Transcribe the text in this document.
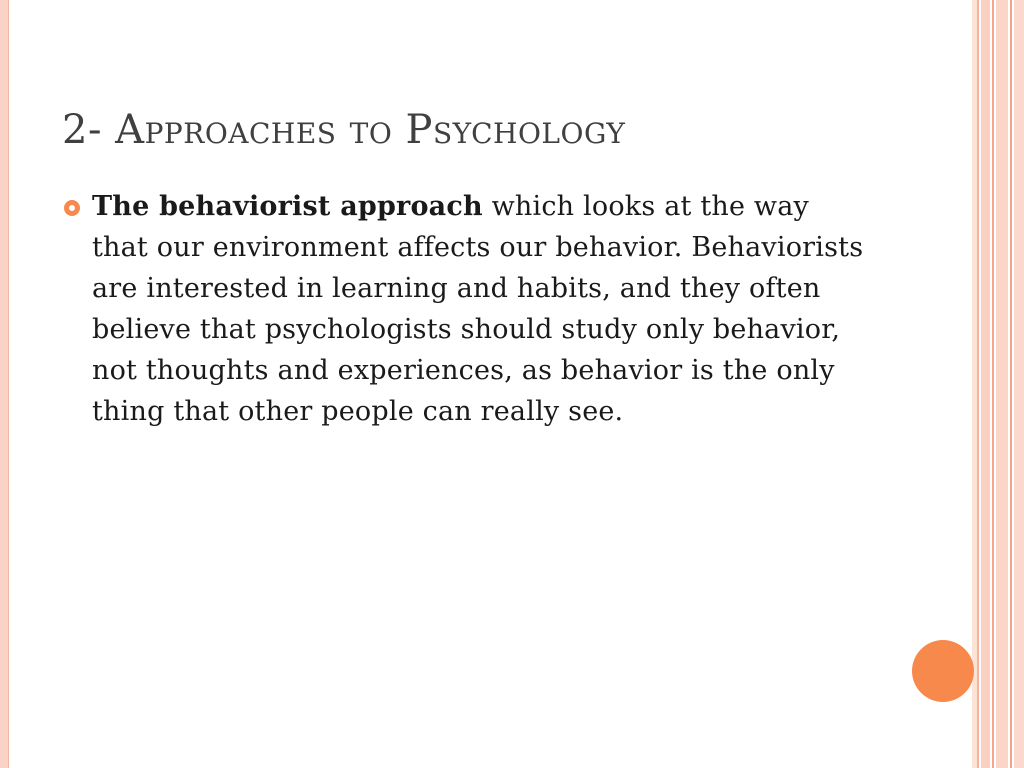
2- Approaches to Psychology
The behaviorist approach which looks at the way that our environment affects our behavior. Behaviorists are interested in learning and habits, and they often believe that psychologists should study only behavior, not thoughts and experiences, as behavior is the only thing that other people can really see.
